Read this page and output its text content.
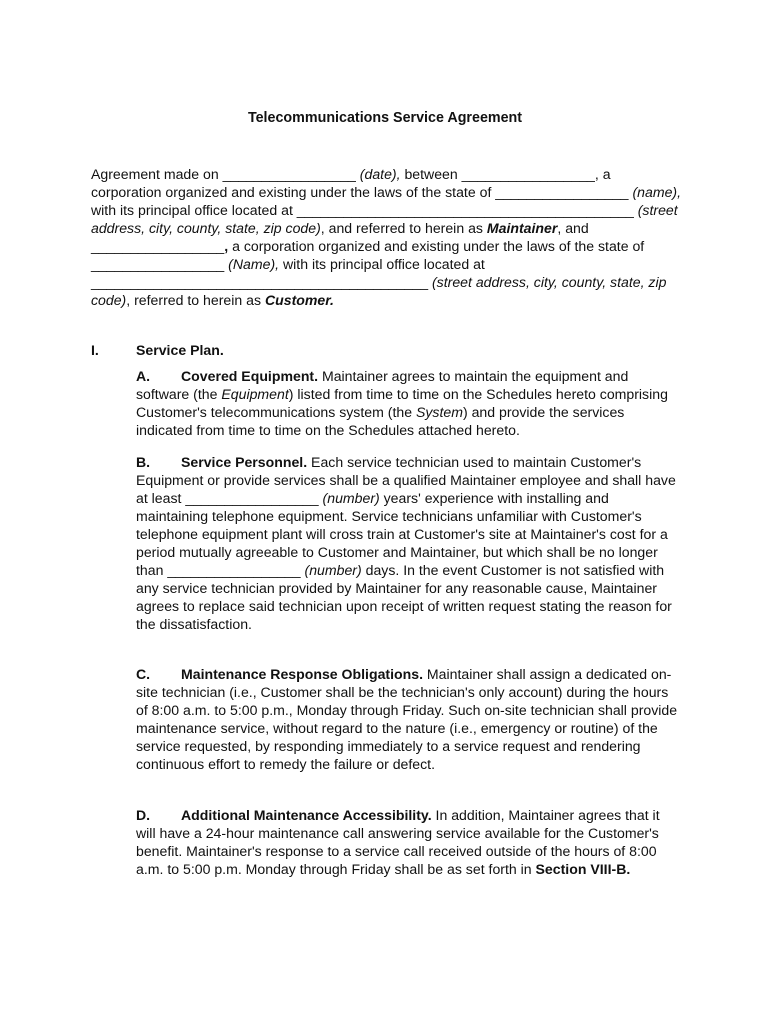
Telecommunications Service Agreement

Agreement made on _________________ (date), between _________________, a corporation organized and existing under the laws of the state of _________________ (name), with its principal office located at ___________________________________________ (street address, city, county, state, zip code), and referred to herein as Maintainer, and _________________, a corporation organized and existing under the laws of the state of _________________ (Name), with its principal office located at ___________________________________________ (street address, city, county, state, zip code), referred to herein as Customer.

I.	Service Plan.

A. Covered Equipment. Maintainer agrees to maintain the equipment and software (the Equipment) listed from time to time on the Schedules hereto comprising Customer's telecommunications system (the System) and provide the services indicated from time to time on the Schedules attached hereto.

B. Service Personnel. Each service technician used to maintain Customer's Equipment or provide services shall be a qualified Maintainer employee and shall have at least _________________ (number) years' experience with installing and maintaining telephone equipment. Service technicians unfamiliar with Customer's telephone equipment plant will cross train at Customer's site at Maintainer's cost for a period mutually agreeable to Customer and Maintainer, but which shall be no longer than _________________ (number) days. In the event Customer is not satisfied with any service technician provided by Maintainer for any reasonable cause, Maintainer agrees to replace said technician upon receipt of written request stating the reason for the dissatisfaction.

C. Maintenance Response Obligations. Maintainer shall assign a dedicated on-site technician (i.e., Customer shall be the technician's only account) during the hours of 8:00 a.m. to 5:00 p.m., Monday through Friday. Such on-site technician shall provide maintenance service, without regard to the nature (i.e., emergency or routine) of the service requested, by responding immediately to a service request and rendering continuous effort to remedy the failure or defect.

D. Additional Maintenance Accessibility. In addition, Maintainer agrees that it will have a 24-hour maintenance call answering service available for the Customer's benefit. Maintainer's response to a service call received outside of the hours of 8:00 a.m. to 5:00 p.m. Monday through Friday shall be as set forth in Section VIII-B.
